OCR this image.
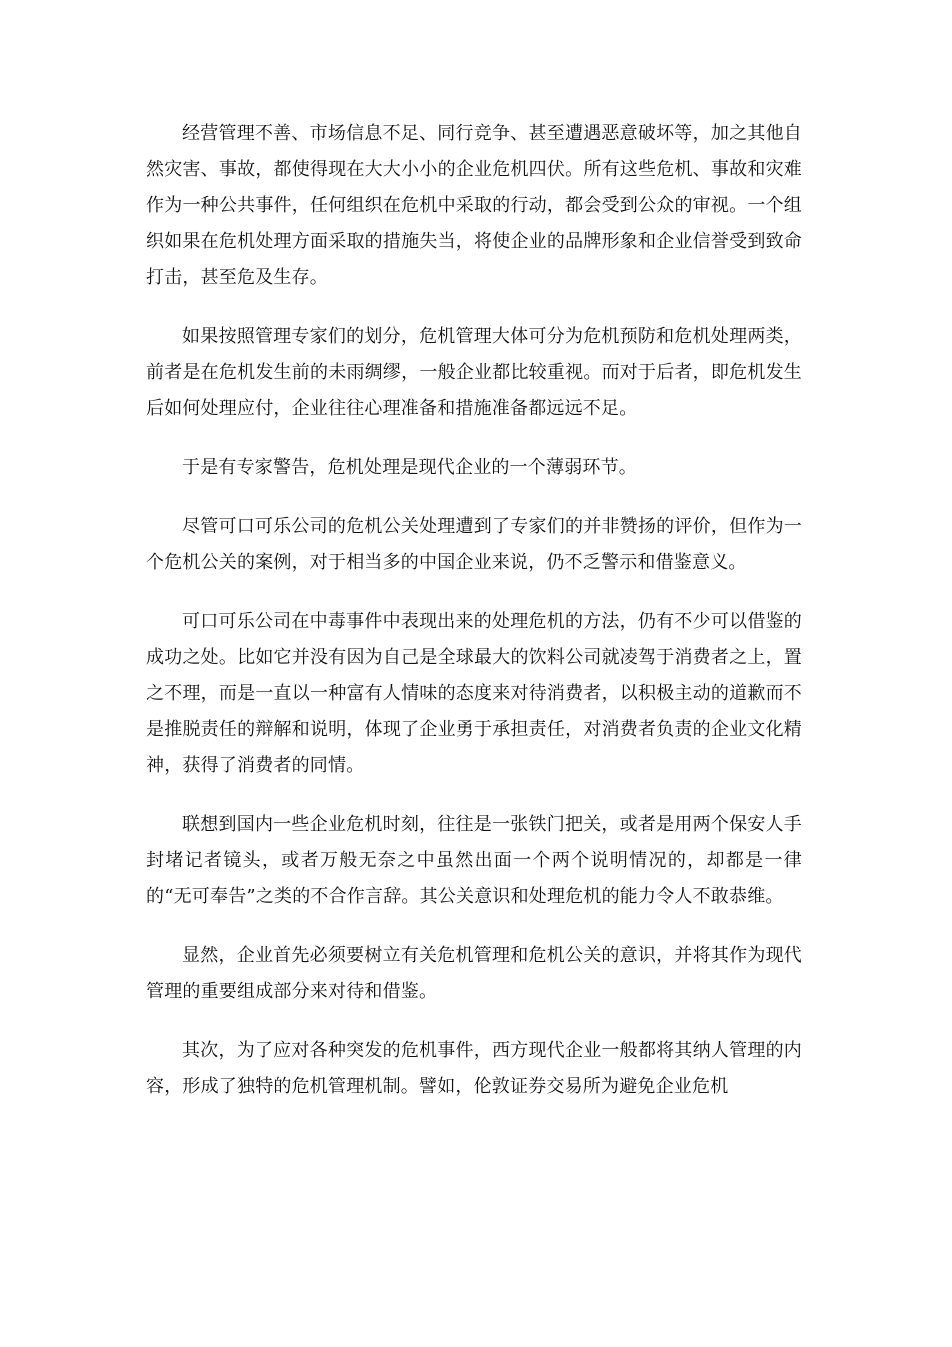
经营管理不善、市场信息不足、同行竞争、甚至遭遇恶意破坏等，加之其他自然灾害、事故，都使得现在大大小小的企业危机四伏。所有这些危机、事故和灾难作为一种公共事件，任何组织在危机中采取的行动，都会受到公众的审视。一个组织如果在危机处理方面采取的措施失当，将使企业的品牌形象和企业信誉受到致命打击，甚至危及生存。

如果按照管理专家们的划分，危机管理大体可分为危机预防和危机处理两类，前者是在危机发生前的未雨绸缪，一般企业都比较重视。而对于后者，即危机发生后如何处理应付，企业往往心理准备和措施准备都远远不足。

于是有专家警告，危机处理是现代企业的一个薄弱环节。

尽管可口可乐公司的危机公关处理遭到了专家们的并非赞扬的评价，但作为一个危机公关的案例，对于相当多的中国企业来说，仍不乏警示和借鉴意义。

可口可乐公司在中毒事件中表现出来的处理危机的方法，仍有不少可以借鉴的成功之处。比如它并没有因为自己是全球最大的饮料公司就凌驾于消费者之上，置之不理，而是一直以一种富有人情味的态度来对待消费者，以积极主动的道歉而不是推脱责任的辩解和说明，体现了企业勇于承担责任，对消费者负责的企业文化精神，获得了消费者的同情。

联想到国内一些企业危机时刻，往往是一张铁门把关，或者是用两个保安人手封堵记者镜头，或者万般无奈之中虽然出面一个两个说明情况的，却都是一律的“无可奉告”之类的不合作言辞。其公关意识和处理危机的能力令人不敢恭维。

显然，企业首先必须要树立有关危机管理和危机公关的意识，并将其作为现代管理的重要组成部分来对待和借鉴。

其次，为了应对各种突发的危机事件，西方现代企业一般都将其纳人管理的内容，形成了独特的危机管理机制。譬如，伦敦证券交易所为避免企业危机
